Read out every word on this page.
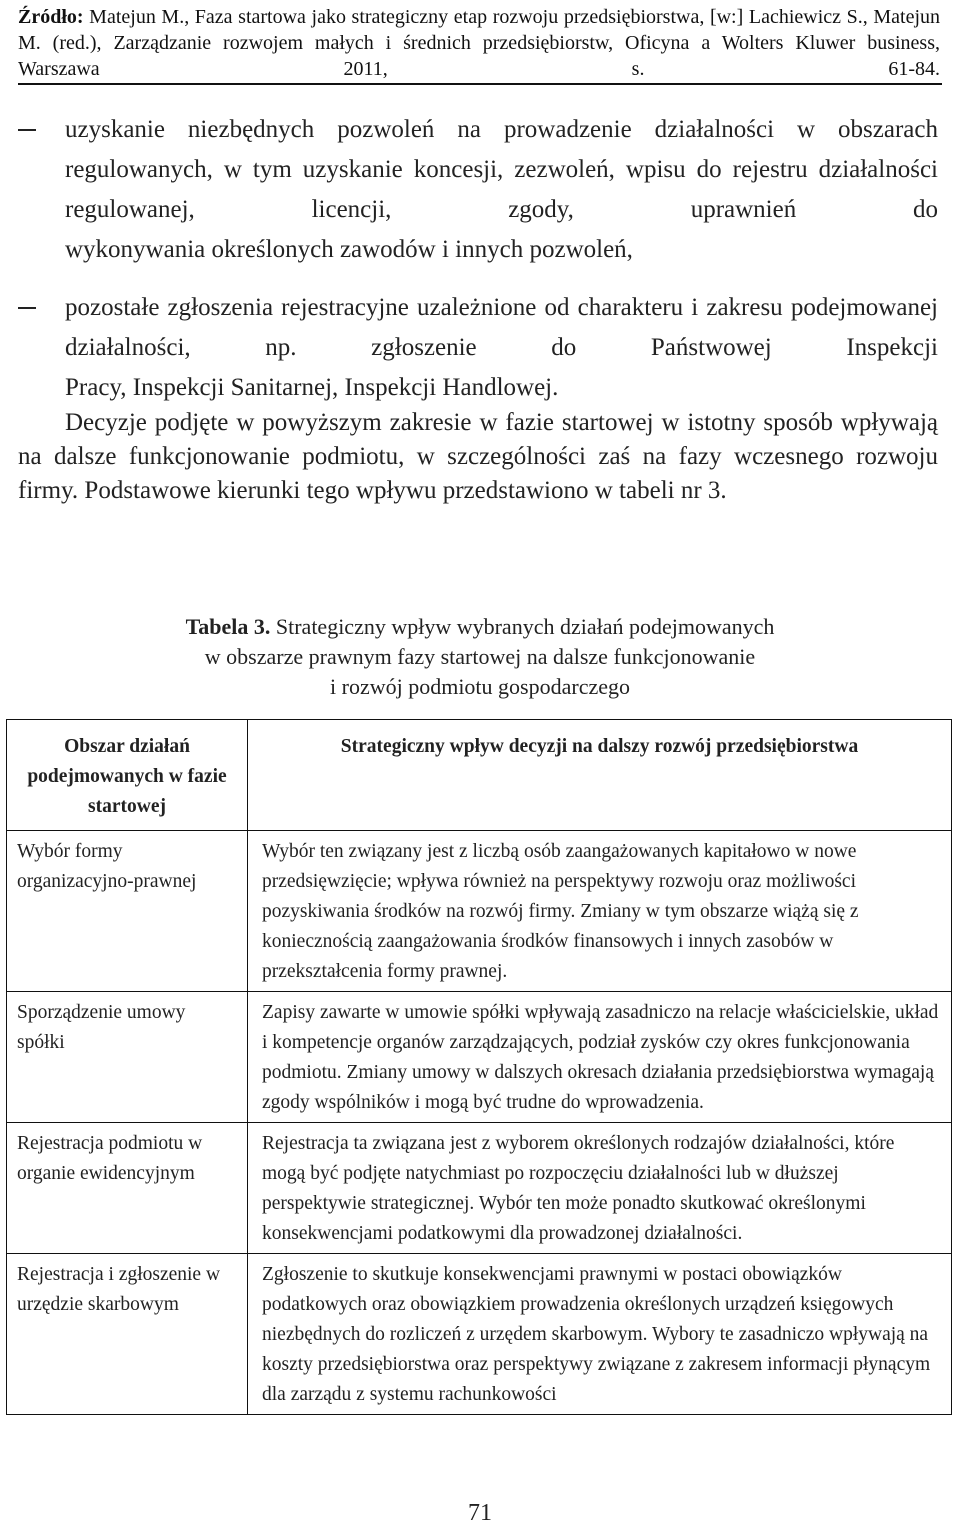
Źródło: Matejun M., Faza startowa jako strategiczny etap rozwoju przedsiębiorstwa, [w:] Lachiewicz S., Matejun M. (red.), Zarządzanie rozwojem małych i średnich przedsiębiorstw, Oficyna a Wolters Kluwer business, Warszawa 2011, s. 61-84.
uzyskanie niezbędnych pozwoleń na prowadzenie działalności w obszarach regulowanych, w tym uzyskanie koncesji, zezwoleń, wpisu do rejestru działalności regulowanej, licencji, zgody, uprawnień do
wykonywania określonych zawodów i innych pozwoleń,
pozostałe zgłoszenia rejestracyjne uzależnione od charakteru i zakresu podejmowanej działalności, np. zgłoszenie do Państwowej Inspekcji
Pracy, Inspekcji Sanitarnej, Inspekcji Handlowej.
Decyzje podjęte w powyższym zakresie w fazie startowej w istotny sposób wpływają na dalsze funkcjonowanie podmiotu, w szczególności zaś na fazy wczesnego rozwoju firmy. Podstawowe kierunki tego wpływu przedstawiono w tabeli nr 3.
Tabela 3. Strategiczny wpływ wybranych działań podejmowanych
w obszarze prawnym fazy startowej na dalsze funkcjonowanie
i rozwój podmiotu gospodarczego
Obszar działań podejmowanych w fazie startowej	Strategiczny wpływ decyzji na dalszy rozwój przedsiębiorstwa
Wybór formy organizacyjno-prawnej	Wybór ten związany jest z liczbą osób zaangażowanych kapitałowo w nowe przedsięwzięcie; wpływa również na perspektywy rozwoju oraz możliwości pozyskiwania środków na rozwój firmy. Zmiany w tym obszarze wiążą się z koniecznością zaangażowania środków finansowych i innych zasobów w przekształcenia formy prawnej.
Sporządzenie umowy spółki	Zapisy zawarte w umowie spółki wpływają zasadniczo na relacje właścicielskie, układ i kompetencje organów zarządzających, podział zysków czy okres funkcjonowania podmiotu. Zmiany umowy w dalszych okresach działania przedsiębiorstwa wymagają zgody wspólników i mogą być trudne do wprowadzenia.
Rejestracja podmiotu w organie ewidencyjnym	Rejestracja ta związana jest z wyborem określonych rodzajów działalności, które mogą być podjęte natychmiast po rozpoczęciu działalności lub w dłuższej perspektywie strategicznej. Wybór ten może ponadto skutkować określonymi konsekwencjami podatkowymi dla prowadzonej działalności.
Rejestracja i zgłoszenie w urzędzie skarbowym	Zgłoszenie to skutkuje konsekwencjami prawnymi w postaci obowiązków podatkowych oraz obowiązkiem prowadzenia określonych urządzeń księgowych niezbędnych do rozliczeń z urzędem skarbowym. Wybory te zasadniczo wpływają na koszty przedsiębiorstwa oraz perspektywy związane z zakresem informacji płynącym dla zarządu z systemu rachunkowości
71
